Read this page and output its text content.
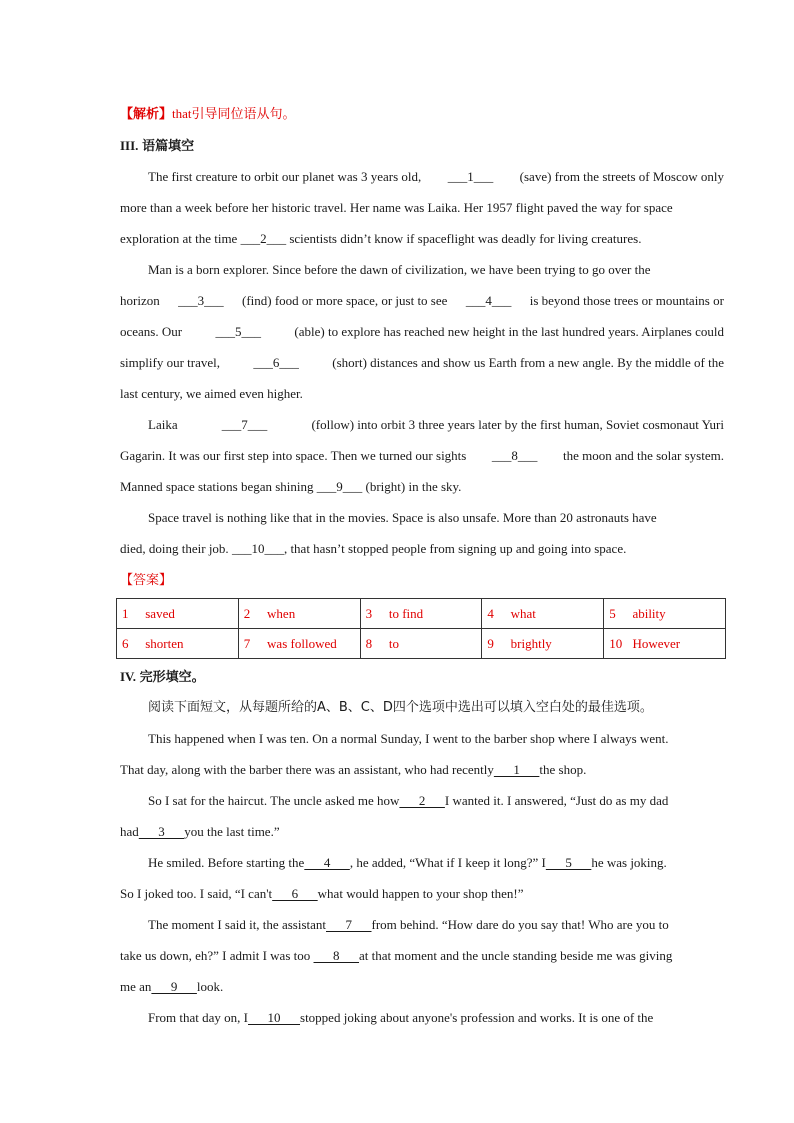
【解析】that引导同位语从句。
III. 语篇填空
The first creature to orbit our planet was 3 years old, ___1___ (save) from the streets of Moscow only
more than a week before her historic travel. Her name was Laika. Her 1957 flight paved the way for space
exploration at the time ___2___ scientists didn’t know if spaceflight was deadly for living creatures.
Man is a born explorer. Since before the dawn of civilization, we have been trying to go over the
horizon ___3___ (find) food or more space, or just to see ___4___ is beyond those trees or mountains or
oceans. Our	___5___	(able) to explore has reached new height in the last hundred years. Airplanes could
simplify our travel,	___6___	(short) distances and show us Earth from a new angle. By the middle of the
last century, we aimed even higher.
Laika	___7___	(follow) into orbit 3 three years later by the first human, Soviet cosmonaut Yuri
Gagarin. It was our first step into space. Then we turned our sights ___8___ the moon and the solar system.
Manned space stations began shining ___9___ (bright) in the sky.
Space travel is nothing like that in the movies. Space is also unsafe. More than 20 astronauts have
died, doing their job. ___10___, that hasn’t stopped people from signing up and going into space.
【答案】
1 saved	2 when	3 to find	4 what	5 ability
6 shorten	7 was followed	8 to	9 brightly	10 However
IV. 完形填空。
阅读下面短文，从每题所给的A、B、C、D四个选项中选出可以填入空白处的最佳选项。
This happened when I was ten. On a normal Sunday, I went to the barber shop where I always went.
That day, along with the barber there was an assistant, who had recently      1      the shop.
So I sat for the haircut. The uncle asked me how      2      I wanted it. I answered, “Just do as my dad
had      3      you the last time.”
He smiled. Before starting the      4      , he added, “What if I keep it long?” I      5      he was joking.
So I joked too. I said, “I can't      6      what would happen to your shop then!”
The moment I said it, the assistant      7      from behind. “How dare do you say that! Who are you to
take us down, eh?” I admit I was too       8      at that moment and the uncle standing beside me was giving
me an      9      look.
From that day on, I      10      stopped joking about anyone's profession and works. It is one of the
